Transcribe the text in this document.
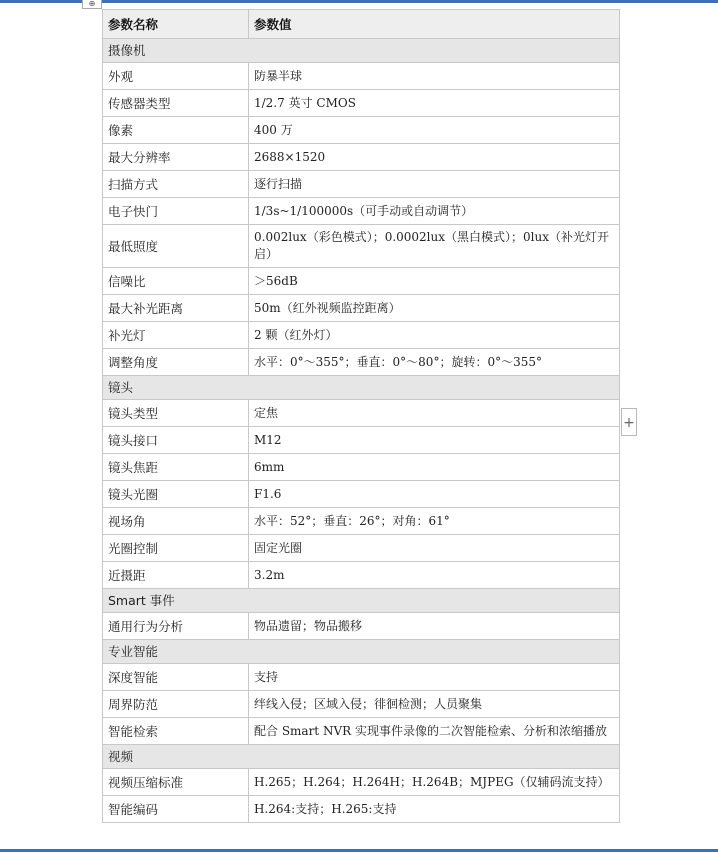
⊕
参数名称	参数值
摄像机	
外观	防暴半球
传感器类型	1/2.7 英寸 CMOS
像素	400 万
最大分辨率	2688×1520
扫描方式	逐行扫描
电子快门	1/3s~1/100000s（可手动或自动调节）
最低照度	0.002lux（彩色模式）；0.0002lux（黑白模式）；0lux（补光灯开启）
信噪比	＞56dB
最大补光距离	50m（红外视频监控距离）
补光灯	2 颗（红外灯）
调整角度	水平：0°～355°；垂直：0°～80°；旋转：0°～355°
镜头	
镜头类型	定焦
镜头接口	M12
镜头焦距	6mm
镜头光圈	F1.6
视场角	水平：52°；垂直：26°；对角：61°
光圈控制	固定光圈
近摄距	3.2m
Smart 事件	
通用行为分析	物品遗留；物品搬移
专业智能	
深度智能	支持
周界防范	绊线入侵；区域入侵；徘徊检测；人员聚集
智能检索	配合 Smart NVR 实现事件录像的二次智能检索、分析和浓缩播放
视频	
视频压缩标准	H.265；H.264；H.264H；H.264B；MJPEG（仅辅码流支持）
智能编码	H.264:支持；H.265:支持
+
